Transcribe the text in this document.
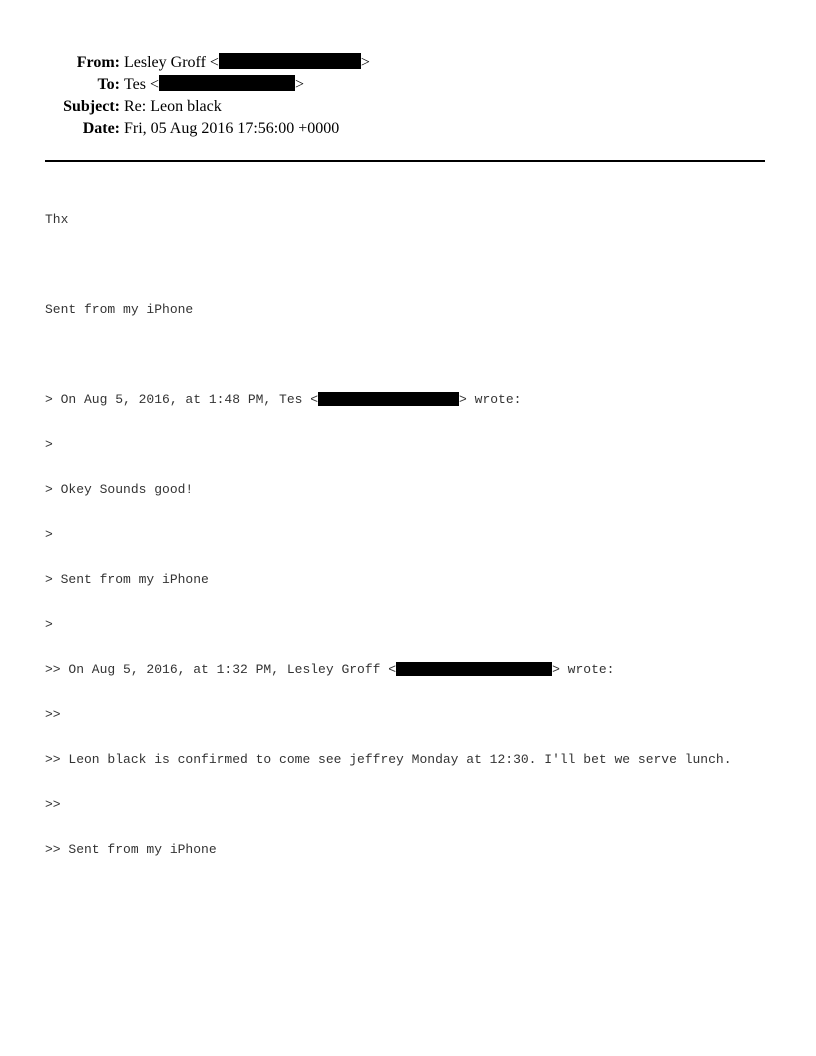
From: Lesley Groff <	>
To: Tes <	>
Subject: Re: Leon black
Date: Fri, 05 Aug 2016 17:56:00 +0000

Thx

Sent from my iPhone

> On Aug 5, 2016, at 1:48 PM, Tes <	> wrote:

>

> Okey Sounds good!

>

> Sent from my iPhone

>

>> On Aug 5, 2016, at 1:32 PM, Lesley Groff <	> wrote:

>>

>> Leon black is confirmed to come see jeffrey Monday at 12:30. I'll bet we serve lunch.

>>

>> Sent from my iPhone
